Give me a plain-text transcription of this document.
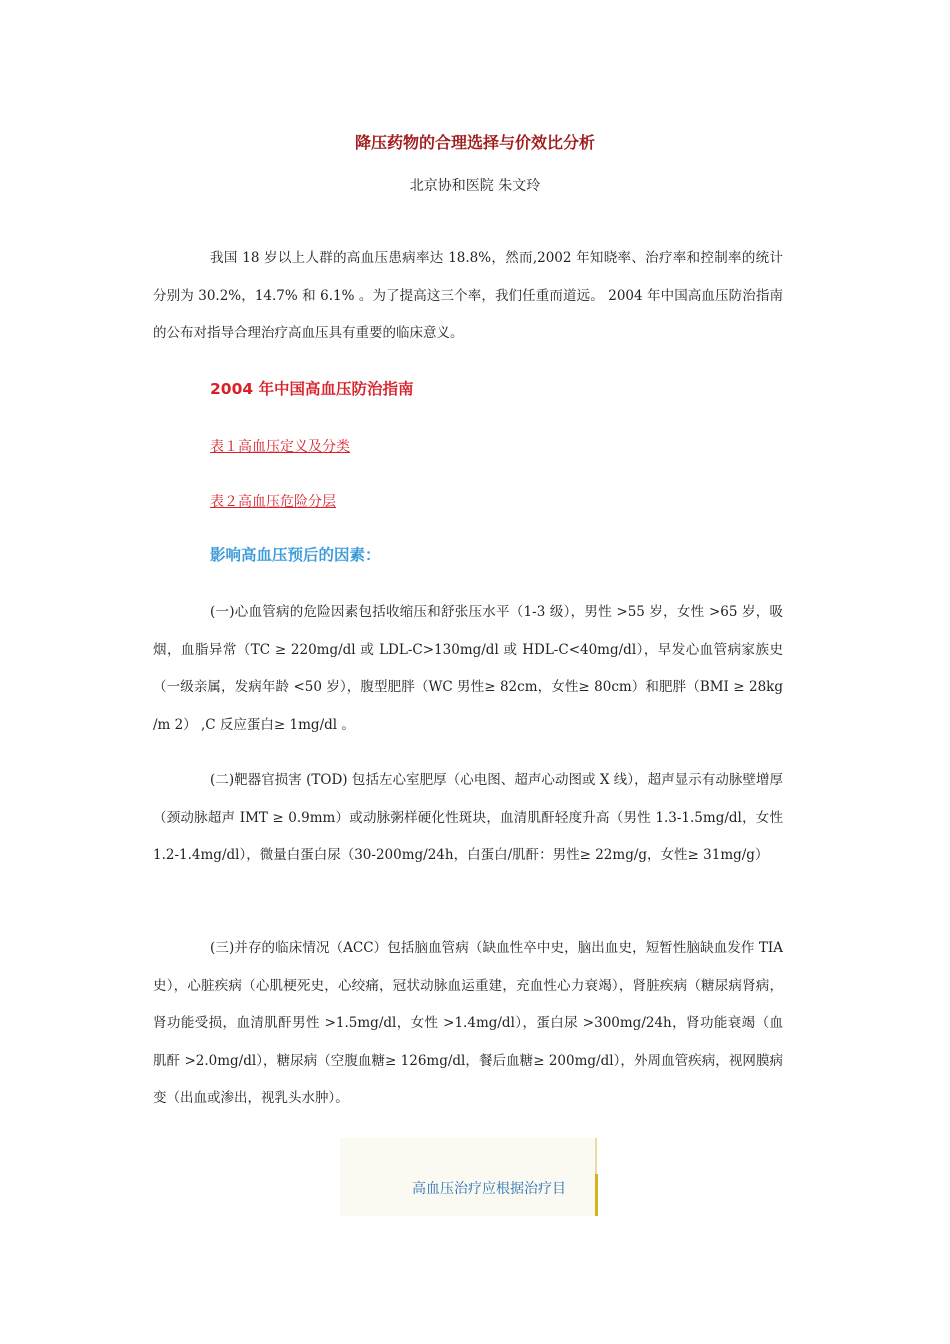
降压药物的合理选择与价效比分析
北京协和医院 朱文玲
我国 18 岁以上人群的高血压患病率达 18.8%，然而,2002 年知晓率、治疗率和控制率的统计分别为 30.2%，14.7% 和 6.1% 。为了提高这三个率，我们任重而道远。 2004 年中国高血压防治指南的公布对指导合理治疗高血压具有重要的临床意义。
2004 年中国高血压防治指南
表１高血压定义及分类
表２高血压危险分层
影响高血压预后的因素：
(一)心血管病的危险因素包括收缩压和舒张压水平（1-3 级），男性 >55 岁，女性 >65 岁，吸烟，血脂异常（TC ≥ 220mg/dl 或 LDL-C>130mg/dl 或 HDL-C<40mg/dl），早发心血管病家族史（一级亲属，发病年龄 <50 岁），腹型肥胖（WC 男性≥ 82cm，女性≥ 80cm）和肥胖（BMI ≥ 28kg /m 2） ,C 反应蛋白≥ 1mg/dl 。
(二)靶器官损害 (TOD) 包括左心室肥厚（心电图、超声心动图或 X 线），超声显示有动脉壁增厚（颈动脉超声 IMT ≥ 0.9mm）或动脉粥样硬化性斑块，血清肌酐轻度升高（男性 1.3-1.5mg/dl，女性 1.2-1.4mg/dl），微量白蛋白尿（30-200mg/24h，白蛋白/肌酐：男性≥ 22mg/g，女性≥ 31mg/g）
(三)并存的临床情况（ACC）包括脑血管病（缺血性卒中史，脑出血史，短暂性脑缺血发作 TIA 史），心脏疾病（心肌梗死史，心绞痛，冠状动脉血运重建，充血性心力衰竭），肾脏疾病（糖尿病肾病，肾功能受损，血清肌酐男性 >1.5mg/dl，女性 >1.4mg/dl），蛋白尿 >300mg/24h，肾功能衰竭（血肌酐 >2.0mg/dl），糖尿病（空腹血糖≥ 126mg/dl，餐后血糖≥ 200mg/dl），外周血管疾病，视网膜病变（出血或渗出，视乳头水肿）。
高血压治疗应根据治疗目
